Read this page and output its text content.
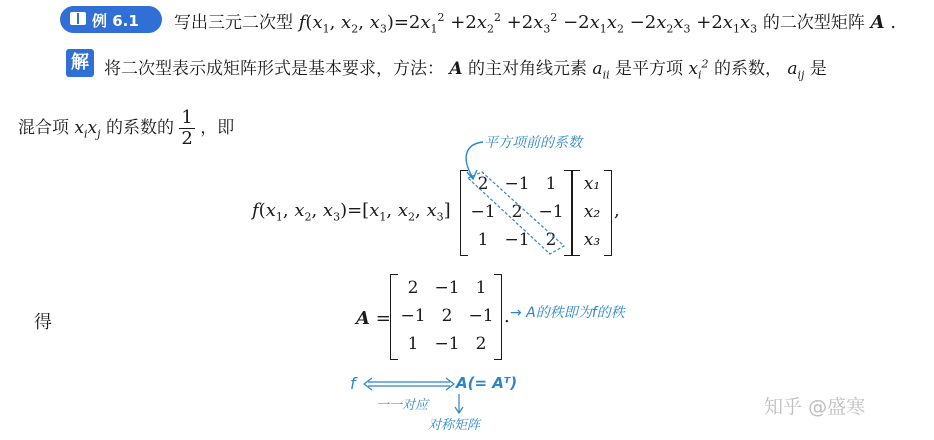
例 6.1 写出三元二次型 $f(x_1$, $x_2$, $x_3)=2x_1^2 +2x_2^2 +2x_3^2 -2x_1x_2 -2x_2x_3 +2x_1x_3$ 的二次型矩阵 A .
解 将二次型表示成矩阵形式是基本要求，方法： A 的主对角线元素 $a_{ii}$ 是平方项 $x_i^2$ 的系数， $a_{ij}$ 是
混合项 $x_ix_j$ 的系数的 $\frac{1}{2}$ ，即
平方项前的系数
$f(x_1$, $x_2$, $x_3)=[x_1$, $x_2$, $x_3$]
2 −1 1
−1 2 −1
1 −1 2
x₁
x₂
x₃
,
得	A =
2 −1 1
−1 2 −1
1 −1 2
. → A的秩即为f的秩
f	A(= Aᵀ)
一一对应
对称矩阵
知乎 @盛寒
